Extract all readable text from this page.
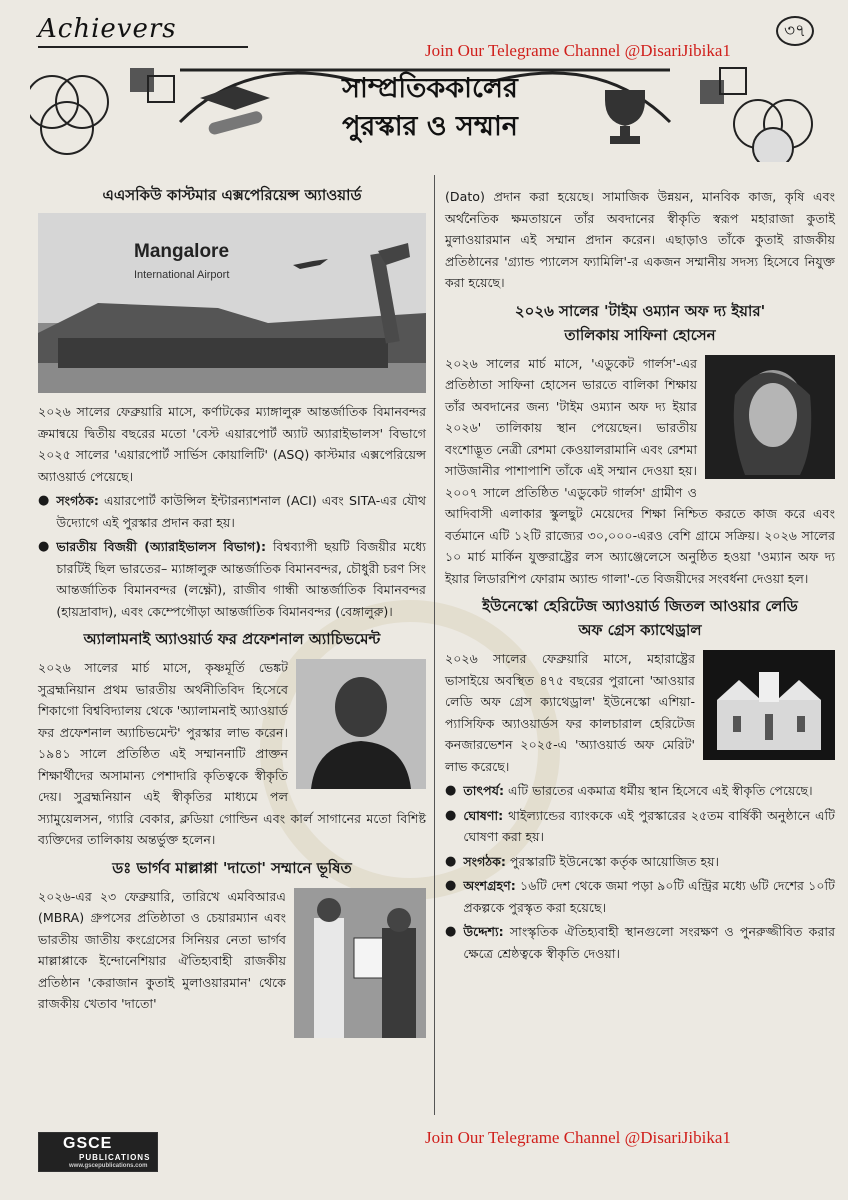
Achievers	৩৭
Join Our Telegrame Channel @DisariJibika1
সাম্প্রতিককালের
পুরস্কার ও সম্মান
এএসকিউ কাস্টমার এক্সপেরিয়েন্স অ্যাওয়ার্ড
Mangalore
International Airport

২০২৬ সালের ফেব্রুয়ারি মাসে, কর্ণাটকের ম্যাঙ্গালুরু আন্তর্জাতিক বিমানবন্দর ক্রমান্বয়ে দ্বিতীয় বছরের মতো 'বেস্ট এয়ারপোর্ট অ্যাট অ্যারাইভালস' বিভাগে ২০২৫ সালের 'এয়ারপোর্ট সার্ভিস কোয়ালিটি' (ASQ) কাস্টমার এক্সপেরিয়েন্স অ্যাওয়ার্ড পেয়েছে।

● সংগঠক: এয়ারপোর্ট কাউন্সিল ইন্টারন্যাশনাল (ACI) এবং SITA-এর যৌথ উদ্যোগে এই পুরস্কার প্রদান করা হয়।
● ভারতীয় বিজয়ী (অ্যারাইভালস বিভাগ): বিশ্বব্যাপী ছয়টি বিজয়ীর মধ্যে চারটিই ছিল ভারতের– ম্যাঙ্গালুরু আন্তর্জাতিক বিমানবন্দর, চৌধুরী চরণ সিং আন্তর্জাতিক বিমানবন্দর (লক্ষ্ণৌ), রাজীব গান্ধী আন্তর্জাতিক বিমানবন্দর (হায়দ্রাবাদ), এবং কেম্পেগৌড়া আন্তর্জাতিক বিমানবন্দর (বেঙ্গালুরু)।
অ্যালামনাই অ্যাওয়ার্ড ফর প্রফেশনাল অ্যাচিভমেন্ট

২০২৬ সালের মার্চ মাসে, কৃষ্ণমূর্তি ভেঙ্কট সুব্রহ্মনিয়ান প্রথম ভারতীয় অর্থনীতিবিদ হিসেবে শিকাগো বিশ্ববিদ্যালয় থেকে 'অ্যালামনাই অ্যাওয়ার্ড ফর প্রফেশনাল অ্যাচিভমেন্ট' পুরস্কার লাভ করেন। ১৯৪১ সালে প্রতিষ্ঠিত এই সম্মাননাটি প্রাক্তন শিক্ষার্থীদের অসামান্য পেশাদারি কৃতিত্বকে স্বীকৃতি দেয়। সুব্রহ্মনিয়ান এই স্বীকৃতির মাধ্যমে পল স্যামুয়েলসন, গ্যারি বেকার, ক্লডিয়া গোল্ডিন এবং কার্ল সাগানের মতো বিশিষ্ট ব্যক্তিদের তালিকায় অন্তর্ভুক্ত হলেন।

ডঃ ভার্গব মাল্লাপ্পা 'দাতো' সম্মানে ভূষিত

২০২৬-এর ২৩ ফেব্রুয়ারি, তারিখে এমবিআরএ (MBRA) গ্রুপসের প্রতিষ্ঠাতা ও চেয়ারম্যান এবং ভারতীয় জাতীয় কংগ্রেসের সিনিয়র নেতা ভার্গব মাল্লাপ্পাকে ইন্দোনেশিয়ার ঐতিহ্যবাহী রাজকীয় প্রতিষ্ঠান 'কেরাজান কুতাই মুলাওয়ারমান' থেকে রাজকীয় খেতাব 'দাতো'

(Dato) প্রদান করা হয়েছে। সামাজিক উন্নয়ন, মানবিক কাজ, কৃষি এবং অর্থনৈতিক ক্ষমতায়নে তাঁর অবদানের স্বীকৃতি স্বরূপ মহারাজা কুতাই মুলাওয়ারমান এই সম্মান প্রদান করেন। এছাড়াও তাঁকে কুতাই রাজকীয় প্রতিষ্ঠানের 'গ্র্যান্ড প্যালেস ফ্যামিলি'-র একজন সম্মানীয় সদস্য হিসেবে নিযুক্ত করা হয়েছে।

২০২৬ সালের 'টাইম ওম্যান অফ দ্য ইয়ার'
তালিকায় সাফিনা হোসেন

২০২৬ সালের মার্চ মাসে, 'এডুকেট গার্লস'-এর প্রতিষ্ঠাতা সাফিনা হোসেন ভারতে বালিকা শিক্ষায় তাঁর অবদানের জন্য 'টাইম ওম্যান অফ দ্য ইয়ার ২০২৬' তালিকায় স্থান পেয়েছেন। ভারতীয় বংশোদ্ভূত নেত্রী রেশমা কেওয়ালরামানি এবং রেশমা সাউজানীর পাশাপাশি তাঁকে এই সম্মান দেওয়া হয়। ২০০৭ সালে প্রতিষ্ঠিত 'এডুকেট গার্লস' গ্রামীণ ও আদিবাসী এলাকার স্কুলছুট মেয়েদের শিক্ষা নিশ্চিত করতে কাজ করে এবং বর্তমানে এটি ১২টি রাজ্যের ৩০,০০০-এরও বেশি গ্রামে সক্রিয়। ২০২৬ সালের ১০ মার্চ মার্কিন যুক্তরাষ্ট্রের লস অ্যাঞ্জেলেসে অনুষ্ঠিত হওয়া 'ওম্যান অফ দ্য ইয়ার লিডারশিপ ফোরাম অ্যান্ড গালা'-তে বিজয়ীদের সংবর্ধনা দেওয়া হল।

ইউনেস্কো হেরিটেজ অ্যাওয়ার্ড জিতল আওয়ার লেডি
অফ গ্রেস ক্যাথেড্রাল

২০২৬ সালের ফেব্রুয়ারি মাসে, মহারাষ্ট্রের ভাসাইয়ে অবস্থিত ৪৭৫ বছরের পুরানো 'আওয়ার লেডি অফ গ্রেস ক্যাথেড্রাল' ইউনেস্কো এশিয়া-প্যাসিফিক অ্যাওয়ার্ডস ফর কালচারাল হেরিটেজ কনজারভেশন ২০২৫-এ 'অ্যাওয়ার্ড অফ মেরিট' লাভ করেছে।

● তাৎপর্য: এটি ভারতের একমাত্র ধর্মীয় স্থান হিসেবে এই স্বীকৃতি পেয়েছে।
● ঘোষণা: থাইল্যান্ডের ব্যাংককে এই পুরস্কারের ২৫তম বার্ষিকী অনুষ্ঠানে এটি ঘোষণা করা হয়।
● সংগঠক: পুরস্কারটি ইউনেস্কো কর্তৃক আয়োজিত হয়।
● অংশগ্রহণ: ১৬টি দেশ থেকে জমা পড়া ৯০টি এন্ট্রির মধ্যে ৬টি দেশের ১০টি প্রকল্পকে পুরস্কৃত করা হয়েছে।
● উদ্দেশ্য: সাংস্কৃতিক ঐতিহ্যবাহী স্থানগুলো সংরক্ষণ ও পুনরুজ্জীবিত করার ক্ষেত্রে শ্রেষ্ঠত্বকে স্বীকৃতি দেওয়া।
GSCE
PUBLICATIONS
www.gscepublications.com
Join Our Telegrame Channel @DisariJibika1
